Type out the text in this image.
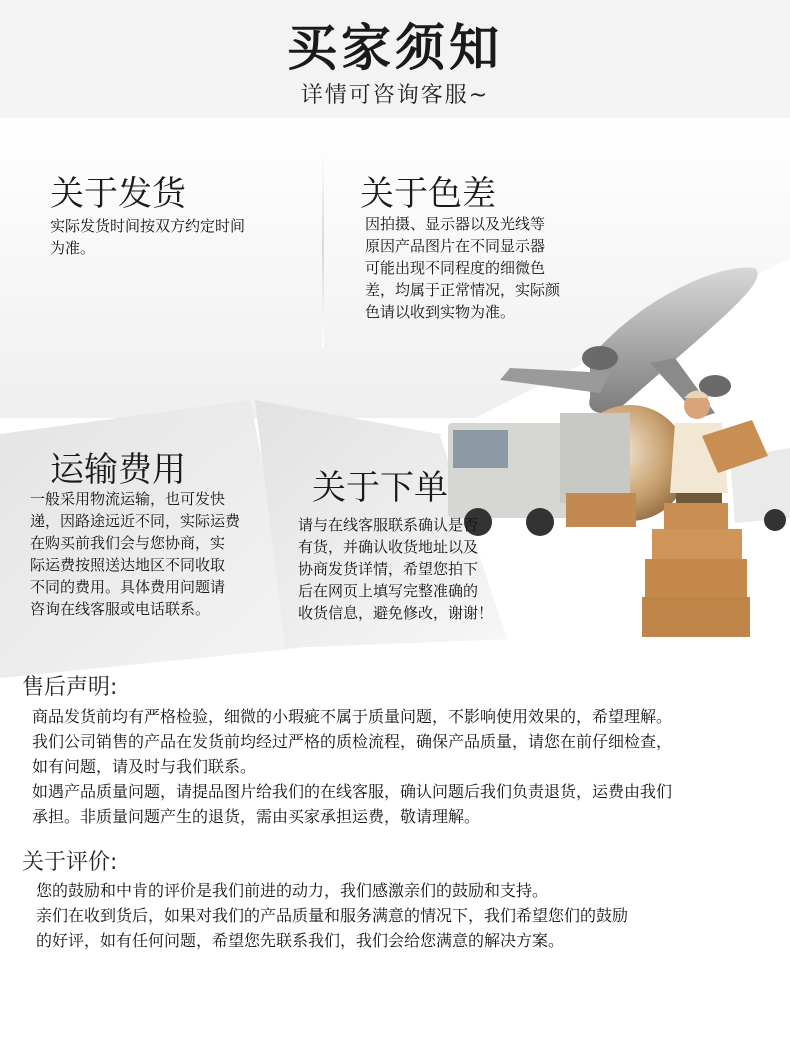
买家须知
详情可咨询客服~
关于发货
实际发货时间按双方约定时间
为准。
关于色差
因拍摄、显示器以及光线等
原因产品图片在不同显示器
可能出现不同程度的细微色
差，均属于正常情况，实际颜
色请以收到实物为准。
运输费用
一般采用物流运输，也可发快
递，因路途远近不同，实际运费
在购买前我们会与您协商，实
际运费按照送达地区不同收取
不同的费用。具体费用问题请
咨询在线客服或电话联系。
关于下单
请与在线客服联系确认是否
有货，并确认收货地址以及
协商发货详情，希望您拍下
后在网页上填写完整准确的
收货信息，避免修改，谢谢！
售后声明:
商品发货前均有严格检验，细微的小瑕疵不属于质量问题，不影响使用效果的，希望理解。
我们公司销售的产品在发货前均经过严格的质检流程，确保产品质量，请您在前仔细检查，
如有问题，请及时与我们联系。
如遇产品质量问题，请提品图片给我们的在线客服，确认问题后我们负责退货，运费由我们
承担。非质量问题产生的退货，需由买家承担运费，敬请理解。
关于评价:
您的鼓励和中肯的评价是我们前进的动力，我们感激亲们的鼓励和支持。
亲们在收到货后，如果对我们的产品质量和服务满意的情况下，我们希望您们的鼓励
的好评，如有任何问题，希望您先联系我们，我们会给您满意的解决方案。
